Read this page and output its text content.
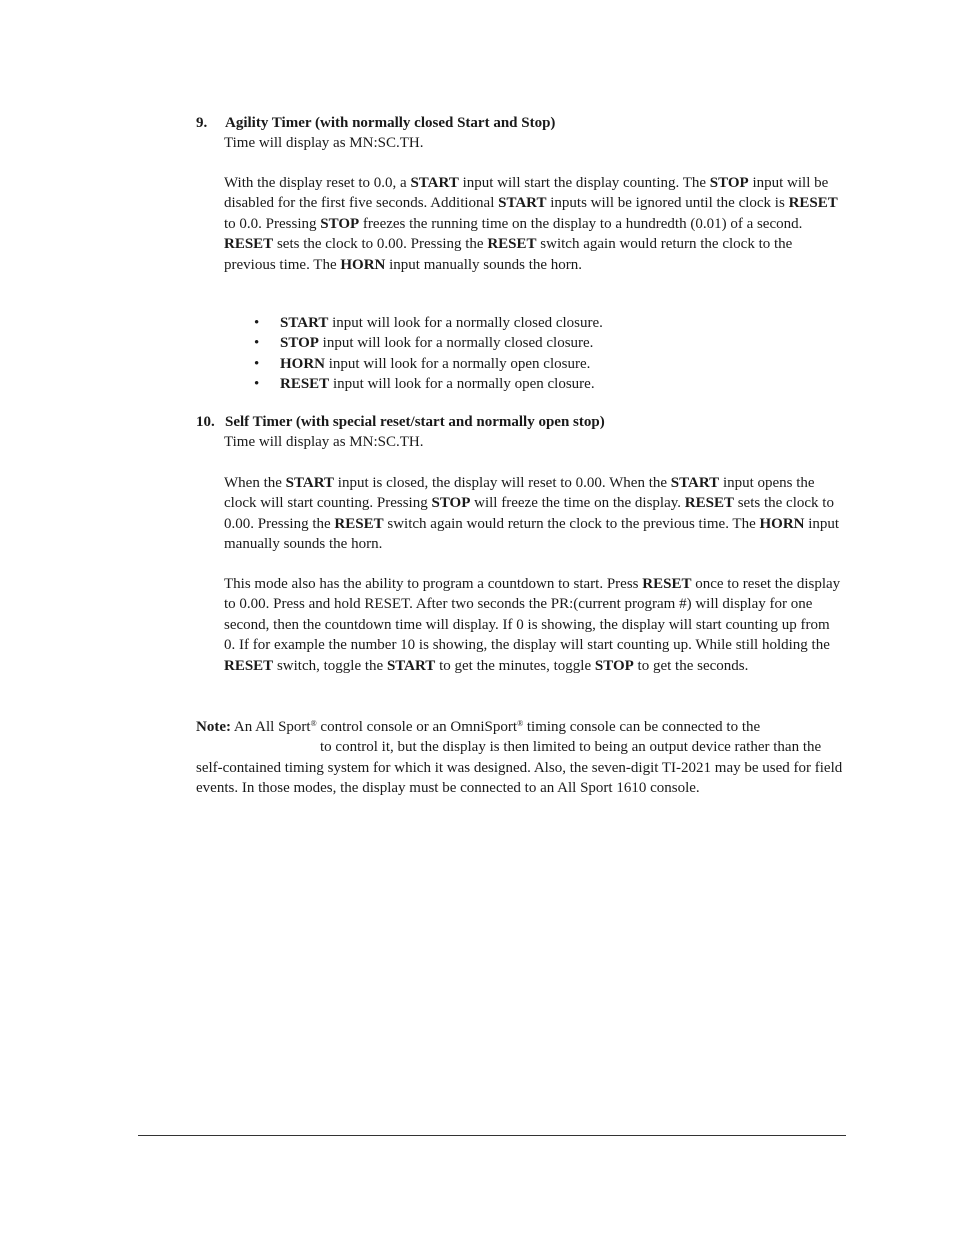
9. Agility Timer (with normally closed Start and Stop)
Time will display as MN:SC.TH.
With the display reset to 0.0, a START input will start the display counting. The STOP input will be disabled for the first five seconds. Additional START inputs will be ignored until the clock is RESET to 0.0. Pressing STOP freezes the running time on the display to a hundredth (0.01) of a second. RESET sets the clock to 0.00. Pressing the RESET switch again would return the clock to the previous time. The HORN input manually sounds the horn.
• START input will look for a normally closed closure.
• STOP input will look for a normally closed closure.
• HORN input will look for a normally open closure.
• RESET input will look for a normally open closure.
10. Self Timer (with special reset/start and normally open stop)
Time will display as MN:SC.TH.
When the START input is closed, the display will reset to 0.00. When the START input opens the clock will start counting. Pressing STOP will freeze the time on the display. RESET sets the clock to 0.00. Pressing the RESET switch again would return the clock to the previous time. The HORN input manually sounds the horn.
This mode also has the ability to program a countdown to start. Press RESET once to reset the display to 0.00. Press and hold RESET. After two seconds the PR:(current program #) will display for one second, then the countdown time will display. If 0 is showing, the display will start counting up from 0. If for example the number 10 is showing, the display will start counting up. While still holding the RESET switch, toggle the START to get the minutes, toggle STOP to get the seconds.
Note: An All Sport® control console or an OmniSport® timing console can be connected to the
to control it, but the display is then limited to being an output device rather than the self-contained timing system for which it was designed. Also, the seven-digit TI-2021 may be used for field events. In those modes, the display must be connected to an All Sport 1610 console.
